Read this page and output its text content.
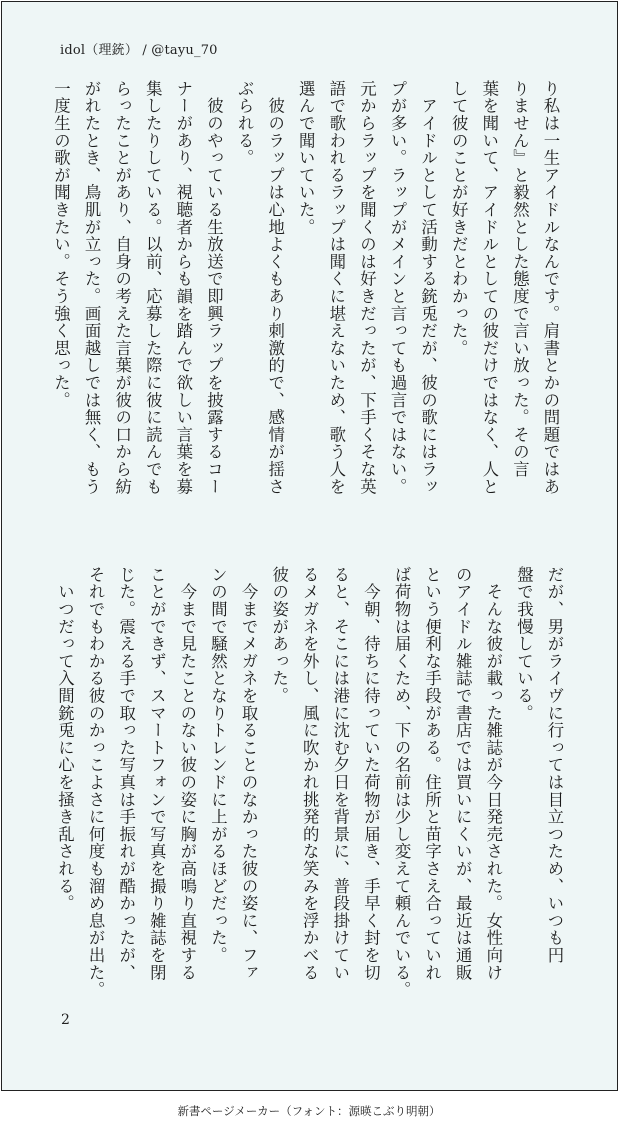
idol（理銃） / @tayu_70

り私は一生アイドルなんです。肩書とかの問題ではあ

りません』と毅然とした態度で言い放った。その言

葉を聞いて、アイドルとしての彼だけではなく、人と

して彼のことが好きだとわかった。

　アイドルとして活動する銃兎だが、彼の歌にはラッ

プが多い。ラップがメインと言っても過言ではない。

元からラップを聞くのは好きだったが、下手くそな英

語で歌われるラップは聞くに堪えないため、歌う人を

選んで聞いていた。

　彼のラップは心地よくもあり刺激的で、感情が揺さ

ぶられる。

　彼のやっている生放送で即興ラップを披露するコー

ナーがあり、視聴者からも韻を踏んで欲しい言葉を募

集したりしている。以前、応募した際に彼に読んでも

らったことがあり、自身の考えた言葉が彼の口から紡

がれたとき、鳥肌が立った。画面越しでは無く、もう

一度生の歌が聞きたい。そう強く思った。

だが、男がライヴに行っては目立つため、いつも円

盤で我慢している。

　そんな彼が載った雑誌が今日発売された。女性向け

のアイドル雑誌で書店では買いにくいが、最近は通販

という便利な手段がある。住所と苗字さえ合っていれ

ば荷物は届くため、下の名前は少し変えて頼んでいる。

　今朝、待ちに待っていた荷物が届き、手早く封を切

ると、そこには港に沈む夕日を背景に、普段掛けてい

るメガネを外し、風に吹かれ挑発的な笑みを浮かべる

彼の姿があった。

　今までメガネを取ることのなかった彼の姿に、ファ

ンの間で騒然となりトレンドに上がるほどだった。

　今まで見たことのない彼の姿に胸が高鳴り直視する

ことができず、スマートフォンで写真を撮り雑誌を閉

じた。震える手で取った写真は手振れが酷かったが、

それでもわかる彼のかっこよさに何度も溜め息が出た。

　いつだって入間銃兎に心を掻き乱される。

2
新書ページメーカー（フォント：源暎こぶり明朝）
